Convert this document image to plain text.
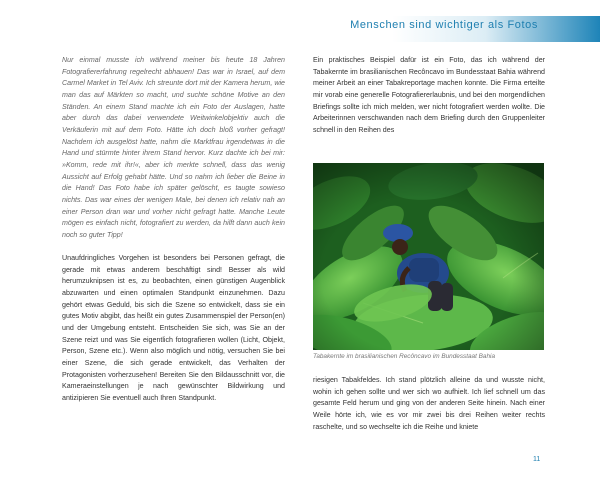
Menschen sind wichtiger als Fotos

Nur einmal musste ich während meiner bis heute 18 Jahren Fotografiererfahrung regelrecht abhauen! Das war in Israel, auf dem Carmel Market in Tel Aviv. Ich streunte dort mit der Kamera herum, wie man das auf Märkten so macht, und suchte schöne Motive an den Ständen. An einem Stand machte ich ein Foto der Auslagen, hatte aber durch das dabei verwendete Weitwinkelobjektiv auch die Verkäuferin mit auf dem Foto. Hätte ich doch bloß vorher gefragt! Nachdem ich ausgelöst hatte, nahm die Marktfrau irgendetwas in die Hand und stürmte hinter ihrem Stand hervor. Kurz dachte ich bei mir: »Komm, rede mit ihr!«, aber ich merkte schnell, dass das wenig Aussicht auf Erfolg gehabt hätte. Und so nahm ich lieber die Beine in die Hand! Das Foto habe ich später gelöscht, es taugte sowieso nichts. Das war eines der wenigen Male, bei denen ich relativ nah an einer Person dran war und vorher nicht gefragt hatte. Manche Leute mögen es einfach nicht, fotografiert zu werden, da hilft dann auch kein noch so guter Tipp!

Unaufdringliches Vorgehen ist besonders bei Personen gefragt, die gerade mit etwas anderem beschäftigt sind! Besser als wild herumzuknipsen ist es, zu beobachten, einen günstigen Augenblick abzuwarten und einen optimalen Standpunkt einzunehmen. Dazu gehört etwas Geduld, bis sich die Szene so entwickelt, dass sie ein gutes Motiv abgibt, das heißt ein gutes Zusammenspiel der Person(en) und der Umgebung entsteht. Entscheiden Sie sich, was Sie an der Szene reizt und was Sie eigentlich fotografieren wollen (Licht, Objekt, Person, Szene etc.). Wenn also möglich und nötig, versuchen Sie bei einer Szene, die sich gerade entwickelt, das Verhalten der Protagonisten vorherzusehen! Bereiten Sie den Bildausschnitt vor, die Kameraeinstellungen je nach gewünschter Bildwirkung und antizipieren Sie eventuell auch Ihren Standpunkt.

Ein praktisches Beispiel dafür ist ein Foto, das ich während der Tabakernte im brasilianischen Recôncavo im Bundesstaat Bahia während meiner Arbeit an einer Tabakreportage machen konnte. Die Firma erteilte mir vorab eine generelle Fotografiererlaubnis, und bei den morgendlichen Briefings sollte ich mich melden, wer nicht fotografiert werden wollte. Die Arbeiterinnen verschwanden nach dem Briefing durch den Gruppenleiter schnell in den Reihen des

Tabakernte im brasilianischen Recôncavo im Bundesstaat Bahia

riesigen Tabakfeldes. Ich stand plötzlich alleine da und wusste nicht, wohin ich gehen sollte und wer sich wo aufhielt. Ich lief schnell um das gesamte Feld herum und ging von der anderen Seite hinein. Nach einer Weile hörte ich, wie es vor mir zwei bis drei Reihen weiter rechts raschelte, und so wechselte ich die Reihe und kniete

11
